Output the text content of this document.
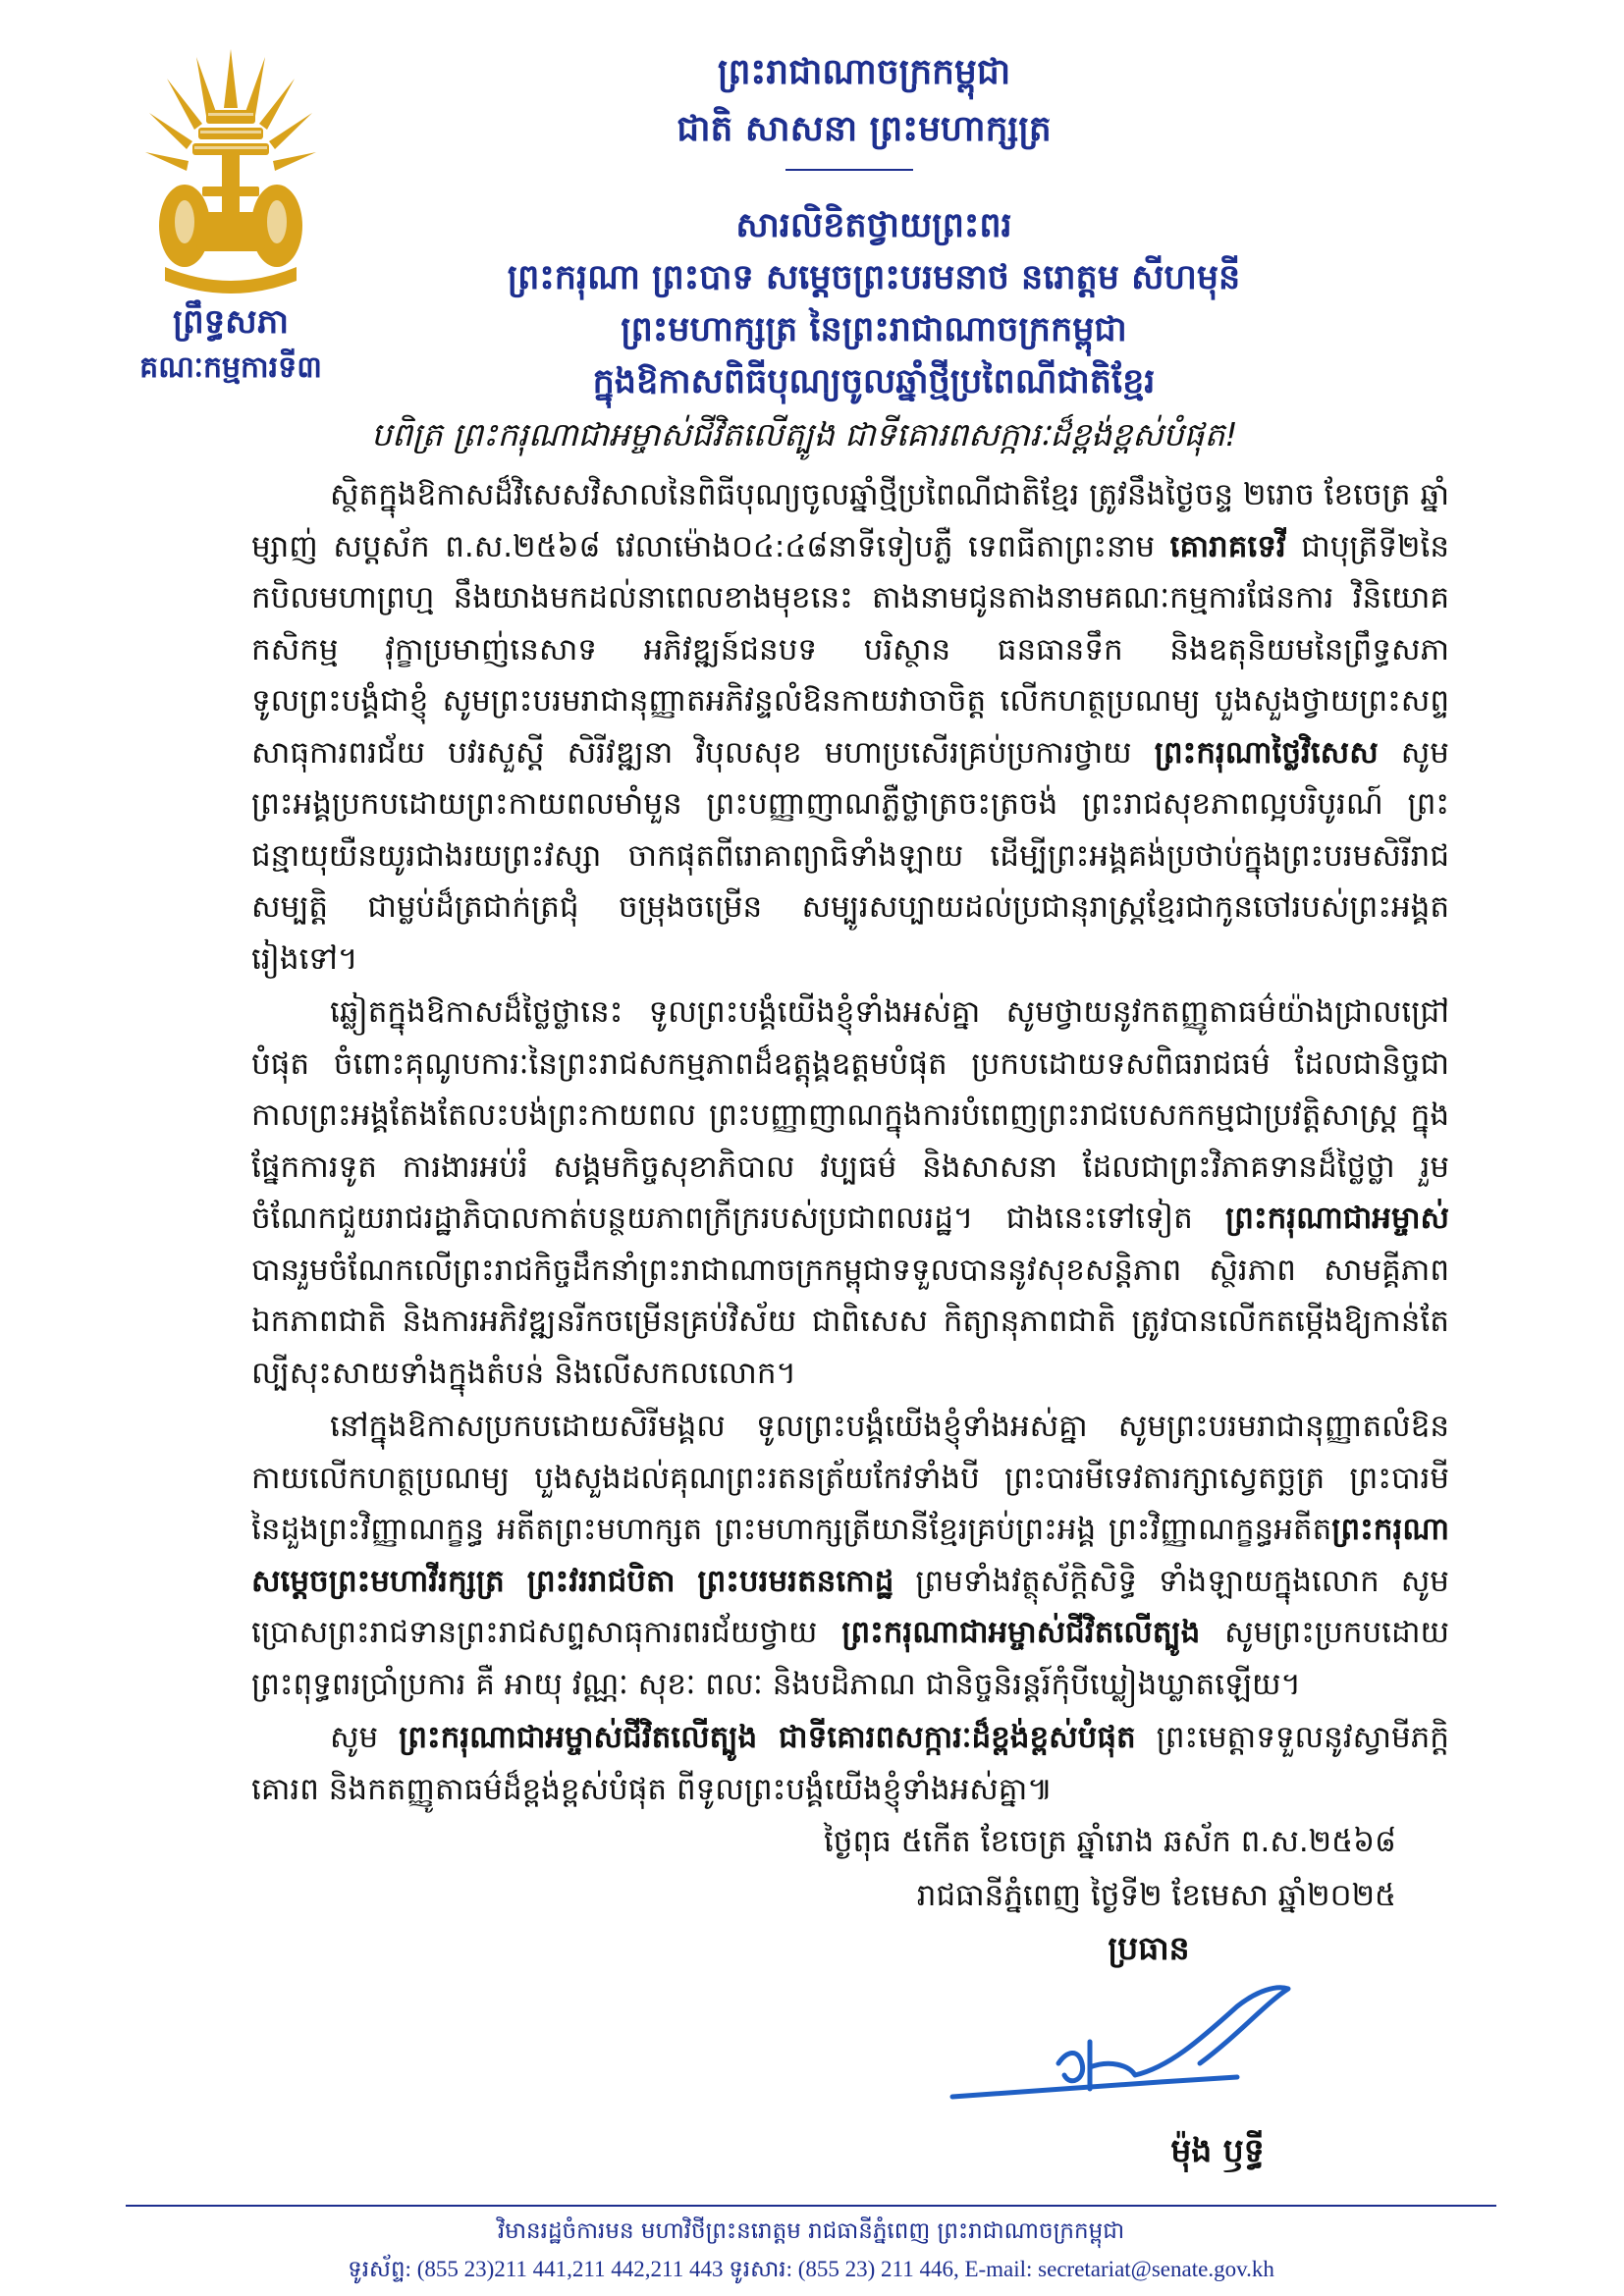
ព្រឹទ្ធសភា
គណៈកម្មការទី៣
ព្រះរាជាណាចក្រកម្ពុជា
ជាតិ សាសនា ព្រះមហាក្សត្រ
សារលិខិតថ្វាយព្រះពរ
ព្រះករុណា ព្រះបាទ សម្តេចព្រះបរមនាថ នរោត្តម សីហមុនី
ព្រះមហាក្សត្រ នៃព្រះរាជាណាចក្រកម្ពុជា
ក្នុងឱកាសពិធីបុណ្យចូលឆ្នាំថ្មីប្រពៃណីជាតិខ្មែរ
បពិត្រ ព្រះករុណាជាអម្ចាស់ជីវិតលើត្បូង ជាទីគោរពសក្ការៈដ៏ខ្ពង់ខ្ពស់បំផុត!

ស្ថិតក្នុងឱកាសដ៏វិសេសវិសាលនៃពិធីបុណ្យចូលឆ្នាំថ្មីប្រពៃណីជាតិខ្មែរ ត្រូវនឹងថ្ងៃចន្ទ ២រោច ខែចេត្រ ឆ្នាំម្សាញ់ សប្តស័ក ព.ស.២៥៦៨ វេលាម៉ោង០៤:៤៨នាទីទៀបភ្លឺ ទេពធីតាព្រះនាម គោរាគទេវី ជាបុត្រីទី២នៃកបិលមហាព្រហ្ម នឹងយាងមកដល់នាពេលខាងមុខនេះ តាងនាមជូនតាងនាមគណៈកម្មការផែនការ វិនិយោគ កសិកម្ម វុក្ខាប្រមាញ់នេសាទ អភិវឌ្ឍន៍ជនបទ បរិស្ថាន ធនធានទឹក និងឧតុនិយមនៃព្រឹទ្ធសភា ទូលព្រះបង្គំជាខ្ញុំ សូមព្រះបរមរាជានុញ្ញាតអភិវន្ទលំឱនកាយវាចាចិត្ត លើកហត្ថប្រណម្យ បួងសួងថ្វាយព្រះសព្ទសាធុការពរជ័យ បវរសួស្តី សិរីវឌ្ឍនា វិបុលសុខ មហាប្រសើរគ្រប់ប្រការថ្វាយ ព្រះករុណាថ្លៃវិសេស សូមព្រះអង្គប្រកបដោយព្រះកាយពលមាំមួន ព្រះបញ្ញាញាណភ្លឺថ្លាត្រចះត្រចង់ ព្រះរាជសុខភាពល្អបរិបូរណ៍ ព្រះជន្មាយុយឺនយូរជាងរយព្រះវស្សា ចាកផុតពីរោគាព្យាធិទាំងឡាយ ដើម្បីព្រះអង្គគង់ប្រថាប់ក្នុងព្រះបរមសិរីរាជសម្បត្តិ ជាម្លប់ដ៏ត្រជាក់ត្រជុំ ចម្រុងចម្រើន សម្បូរសប្បាយដល់ប្រជានុរាស្ត្រខ្មែរជាកូនចៅរបស់ព្រះអង្គតរៀងទៅ។

ឆ្លៀតក្នុងឱកាសដ៏ថ្លៃថ្លានេះ ទូលព្រះបង្គំយើងខ្ញុំទាំងអស់គ្នា សូមថ្វាយនូវកតញ្ញូតាធម៌យ៉ាងជ្រាលជ្រៅបំផុត ចំពោះគុណូបការៈនៃព្រះរាជសកម្មភាពដ៏ឧត្តុង្គឧត្តមបំផុត ប្រកបដោយទសពិធរាជធម៌ ដែលជានិច្ចជាកាលព្រះអង្គតែងតែលះបង់ព្រះកាយពល ព្រះបញ្ញាញាណក្នុងការបំពេញព្រះរាជបេសកកម្មជាប្រវត្តិសាស្ត្រ ក្នុងផ្នែកការទូត ការងារអប់រំ សង្គមកិច្ចសុខាភិបាល វប្បធម៌ និងសាសនា ដែលជាព្រះវិភាគទានដ៏ថ្លៃថ្លា រួមចំណែកជួយរាជរដ្ឋាភិបាលកាត់បន្ថយភាពក្រីក្ររបស់ប្រជាពលរដ្ឋ។ ជាងនេះទៅទៀត ព្រះករុណាជាអម្ចាស់ បានរួមចំណែកលើព្រះរាជកិច្ចដឹកនាំព្រះរាជាណាចក្រកម្ពុជាទទួលបាននូវសុខសន្តិភាព ស្ថិរភាព សាមគ្គីភាព ឯកភាពជាតិ និងការអភិវឌ្ឍនរីកចម្រើនគ្រប់វិស័យ ជាពិសេស កិត្យានុភាពជាតិ ត្រូវបានលើកតម្កើងឱ្យកាន់តែល្បីសុះសាយទាំងក្នុងតំបន់ និងលើសកលលោក។

នៅក្នុងឱកាសប្រកបដោយសិរីមង្គល ទូលព្រះបង្គំយើងខ្ញុំទាំងអស់គ្នា សូមព្រះបរមរាជានុញ្ញាតលំឱនកាយលើកហត្ថប្រណម្យ បួងសួងដល់គុណព្រះរតនត្រ័យកែវទាំងបី ព្រះបារមីទេវតារក្សាស្វេតច្ឆត្រ ព្រះបារមីនៃដួងព្រះវិញ្ញាណក្ខន្ធ អតីតព្រះមហាក្សត ព្រះមហាក្សត្រីយានីខ្មែរគ្រប់ព្រះអង្គ ព្រះវិញ្ញាណក្ខន្ធអតីតព្រះករុណាសម្តេចព្រះមហាវីរក្សត្រ ព្រះវររាជបិតា ព្រះបរមរតនកោដ្ឋ ព្រមទាំងវត្ថុស័ក្តិសិទ្ធិ ទាំងឡាយក្នុងលោក សូមប្រោសព្រះរាជទានព្រះរាជសព្ទសាធុការពរជ័យថ្វាយ ព្រះករុណាជាអម្ចាស់ជីវិតលើត្បូង សូមព្រះប្រកបដោយព្រះពុទ្ធពរប្រាំប្រការ គឺ អាយុ វណ្ណៈ សុខៈ ពលៈ និងបដិភាណ ជានិច្ចនិរន្តរ៍កុំបីឃ្លៀងឃ្លាតឡើយ។

សូម ព្រះករុណាជាអម្ចាស់ជីវិតលើត្បូង ជាទីគោរពសក្ការៈដ៏ខ្ពង់ខ្ពស់បំផុត ព្រះមេត្តាទទួលនូវស្វាមីភក្តិ គោរព និងកតញ្ញូតាធម៌ដ៏ខ្ពង់ខ្ពស់បំផុត ពីទូលព្រះបង្គំយើងខ្ញុំទាំងអស់គ្នា៕

ថ្ងៃពុធ ៥កើត ខែចេត្រ ឆ្នាំរោង ឆស័ក ព.ស.២៥៦៨
រាជធានីភ្នំពេញ ថ្ងៃទី២ ខែមេសា ឆ្នាំ២០២៥
ប្រធាន
ម៉ុង ឫទ្ធី
វិមានរដ្ឋចំការមន មហាវិថីព្រះនរោត្តម រាជធានីភ្នំពេញ ព្រះរាជាណាចក្រកម្ពុជា
ទូរស័ព្ទ: (855 23)211 441,211 442,211 443 ទូរសារ: (855 23) 211 446, E-mail: secretariat@senate.gov.kh
